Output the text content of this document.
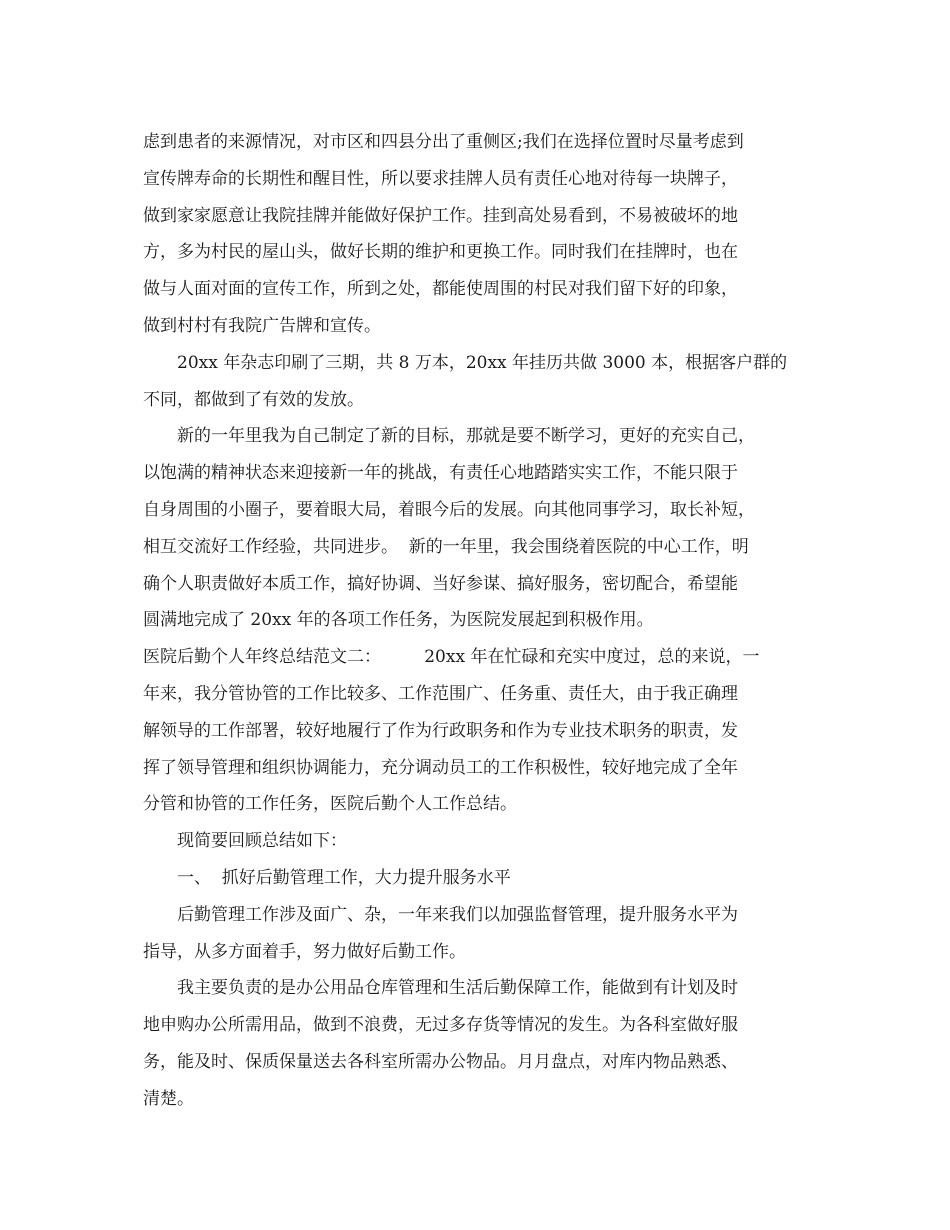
虑到患者的来源情况，对市区和四县分出了重侧区;我们在选择位置时尽量考虑到
宣传牌寿命的长期性和醒目性，所以要求挂牌人员有责任心地对待每一块牌子，
做到家家愿意让我院挂牌并能做好保护工作。挂到高处易看到，不易被破坏的地
方，多为村民的屋山头，做好长期的维护和更换工作。同时我们在挂牌时，也在
做与人面对面的宣传工作，所到之处，都能使周围的村民对我们留下好的印象，
做到村村有我院广告牌和宣传。
20xx 年杂志印刷了三期，共 8 万本，20xx 年挂历共做 3000 本，根据客户群的
不同，都做到了有效的发放。
新的一年里我为自己制定了新的目标，那就是要不断学习，更好的充实自己，
以饱满的精神状态来迎接新一年的挑战，有责任心地踏踏实实工作，不能只限于
自身周围的小圈子，要着眼大局，着眼今后的发展。向其他同事学习，取长补短，
相互交流好工作经验，共同进步。  新的一年里，我会围绕着医院的中心工作，明
确个人职责做好本质工作，搞好协调、当好参谋、搞好服务，密切配合，希望能
圆满地完成了 20xx 年的各项工作任务，为医院发展起到积极作用。
医院后勤个人年终总结范文二：        20xx 年在忙碌和充实中度过，总的来说，一
年来，我分管协管的工作比较多、工作范围广、任务重、责任大，由于我正确理
解领导的工作部署，较好地履行了作为行政职务和作为专业技术职务的职责，发
挥了领导管理和组织协调能力，充分调动员工的工作积极性，较好地完成了全年
分管和协管的工作任务，医院后勤个人工作总结。
现简要回顾总结如下：
一、  抓好后勤管理工作，大力提升服务水平
后勤管理工作涉及面广、杂，一年来我们以加强监督管理，提升服务水平为
指导，从多方面着手，努力做好后勤工作。
我主要负责的是办公用品仓库管理和生活后勤保障工作，能做到有计划及时
地申购办公所需用品，做到不浪费，无过多存货等情况的发生。为各科室做好服
务，能及时、保质保量送去各科室所需办公物品。月月盘点，对库内物品熟悉、
清楚。
